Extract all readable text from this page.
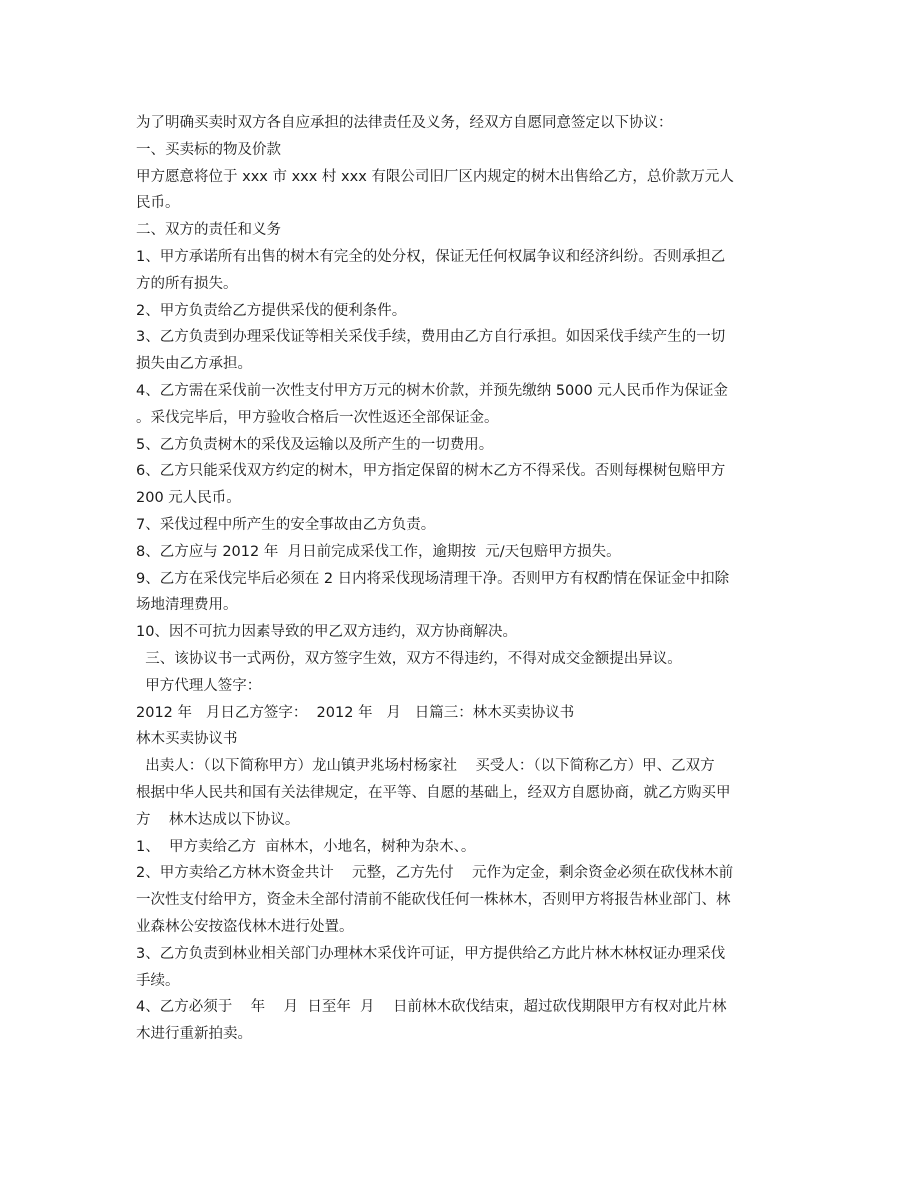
为了明确买卖时双方各自应承担的法律责任及义务，经双方自愿同意签定以下协议：

一、买卖标的物及价款

甲方愿意将位于 xxx 市 xxx 村 xxx 有限公司旧厂区内规定的树木出售给乙方，总价款万元人

民币。

二、双方的责任和义务

1、甲方承诺所有出售的树木有完全的处分权，保证无任何权属争议和经济纠纷。否则承担乙

方的所有损失。

2、甲方负责给乙方提供采伐的便利条件。

3、乙方负责到办理采伐证等相关采伐手续，费用由乙方自行承担。如因采伐手续产生的一切

损失由乙方承担。

4、乙方需在采伐前一次性支付甲方万元的树木价款，并预先缴纳 5000 元人民币作为保证金

。采伐完毕后，甲方验收合格后一次性返还全部保证金。

5、乙方负责树木的采伐及运输以及所产生的一切费用。

6、乙方只能采伐双方约定的树木，甲方指定保留的树木乙方不得采伐。否则每棵树包赔甲方

200 元人民币。

7、采伐过程中所产生的安全事故由乙方负责。

8、乙方应与 2012 年  月日前完成采伐工作，逾期按  元/天包赔甲方损失。

9、乙方在采伐完毕后必须在 2 日内将采伐现场清理干净。否则甲方有权酌情在保证金中扣除

场地清理费用。

10、因不可抗力因素导致的甲乙双方违约，双方协商解决。

三、该协议书一式两份，双方签字生效，双方不得违约，不得对成交金额提出异议。

甲方代理人签字：

2012 年   月日乙方签字：  2012 年   月   日篇三：林木买卖协议书

林木买卖协议书

出卖人：（以下简称甲方）龙山镇尹兆场村杨家社    买受人：（以下简称乙方）甲、乙双方

根据中华人民共和国有关法律规定，在平等、自愿的基础上，经双方自愿协商，就乙方购买甲

方    林木达成以下协议。

1、  甲方卖给乙方  亩林木，小地名，树种为杂木、。

2、甲方卖给乙方林木资金共计    元整，乙方先付    元作为定金，剩余资金必须在砍伐林木前

一次性支付给甲方，资金未全部付清前不能砍伐任何一株林木，否则甲方将报告林业部门、林

业森林公安按盗伐林木进行处置。

3、乙方负责到林业相关部门办理林木采伐许可证，甲方提供给乙方此片林木林权证办理采伐

手续。

4、乙方必须于    年    月  日至年  月    日前林木砍伐结束，超过砍伐期限甲方有权对此片林

木进行重新拍卖。
